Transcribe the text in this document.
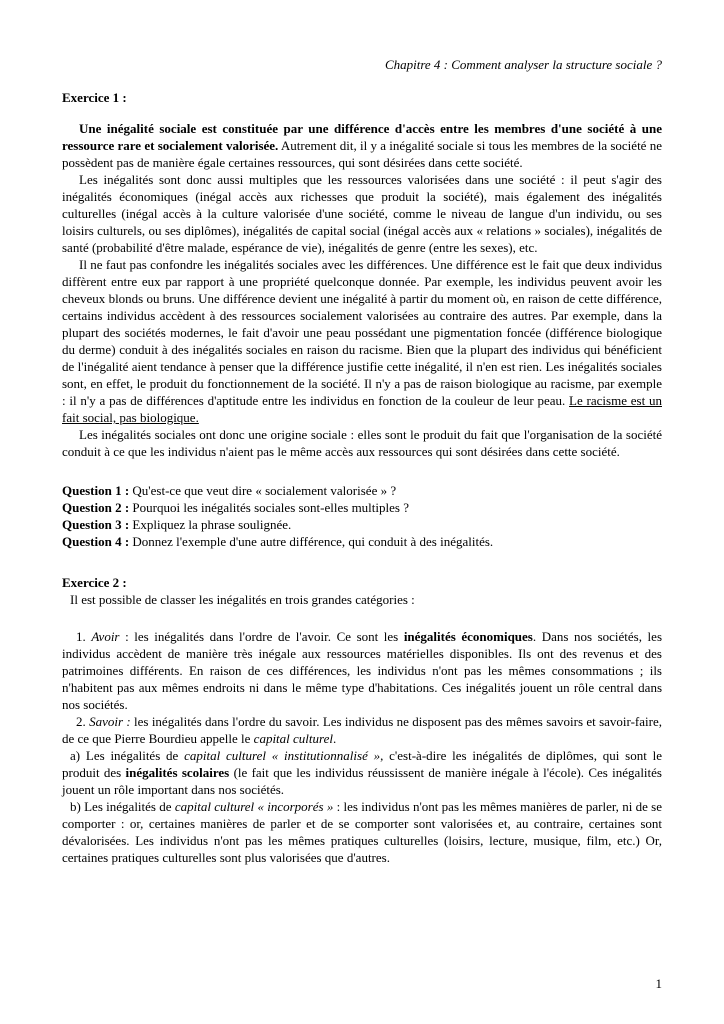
Chapitre 4 : Comment analyser la structure sociale ?
Exercice 1 :

Une inégalité sociale est constituée par une différence d'accès entre les membres d'une société à une ressource rare et socialement valorisée. Autrement dit, il y a inégalité sociale si tous les membres de la société ne possèdent pas de manière égale certaines ressources, qui sont désirées dans cette société.

Les inégalités sont donc aussi multiples que les ressources valorisées dans une société : il peut s'agir des inégalités économiques (inégal accès aux richesses que produit la société), mais également des inégalités culturelles (inégal accès à la culture valorisée d'une société, comme le niveau de langue d'un individu, ou ses loisirs culturels, ou ses diplômes), inégalités de capital social (inégal accès aux « relations » sociales), inégalités de santé (probabilité d'être malade, espérance de vie), inégalités de genre (entre les sexes), etc.

Il ne faut pas confondre les inégalités sociales avec les différences. Une différence est le fait que deux individus diffèrent entre eux par rapport à une propriété quelconque donnée. Par exemple, les individus peuvent avoir les cheveux blonds ou bruns. Une différence devient une inégalité à partir du moment où, en raison de cette différence, certains individus accèdent à des ressources socialement valorisées au contraire des autres. Par exemple, dans la plupart des sociétés modernes, le fait d'avoir une peau possédant une pigmentation foncée (différence biologique du derme) conduit à des inégalités sociales en raison du racisme. Bien que la plupart des individus qui bénéficient de l'inégalité aient tendance à penser que la différence justifie cette inégalité, il n'en est rien. Les inégalités sociales sont, en effet, le produit du fonctionnement de la société. Il n'y a pas de raison biologique au racisme, par exemple : il n'y a pas de différences d'aptitude entre les individus en fonction de la couleur de leur peau. Le racisme est un fait social, pas biologique.

Les inégalités sociales ont donc une origine sociale : elles sont le produit du fait que l'organisation de la société conduit à ce que les individus n'aient pas le même accès aux ressources qui sont désirées dans cette société.

Question 1 : Qu'est-ce que veut dire « socialement valorisée » ?

Question 2 : Pourquoi les inégalités sociales sont-elles multiples ?

Question 3 : Expliquez la phrase soulignée.

Question 4 : Donnez l'exemple d'une autre différence, qui conduit à des inégalités.

Exercice 2 :

Il est possible de classer les inégalités en trois grandes catégories :

1. Avoir : les inégalités dans l'ordre de l'avoir. Ce sont les inégalités économiques. Dans nos sociétés, les individus accèdent de manière très inégale aux ressources matérielles disponibles. Ils ont des revenus et des patrimoines différents. En raison de ces différences, les individus n'ont pas les mêmes consommations ; ils n'habitent pas aux mêmes endroits ni dans le même type d'habitations. Ces inégalités jouent un rôle central dans nos sociétés.

2. Savoir : les inégalités dans l'ordre du savoir. Les individus ne disposent pas des mêmes savoirs et savoir-faire, de ce que Pierre Bourdieu appelle le capital culturel.

a) Les inégalités de capital culturel « institutionnalisé », c'est-à-dire les inégalités de diplômes, qui sont le produit des inégalités scolaires (le fait que les individus réussissent de manière inégale à l'école). Ces inégalités jouent un rôle important dans nos sociétés.

b) Les inégalités de capital culturel « incorporés » : les individus n'ont pas les mêmes manières de parler, ni de se comporter : or, certaines manières de parler et de se comporter sont valorisées et, au contraire, certaines sont dévalorisées. Les individus n'ont pas les mêmes pratiques culturelles (loisirs, lecture, musique, film, etc.) Or, certaines pratiques culturelles sont plus valorisées que d'autres.

1
